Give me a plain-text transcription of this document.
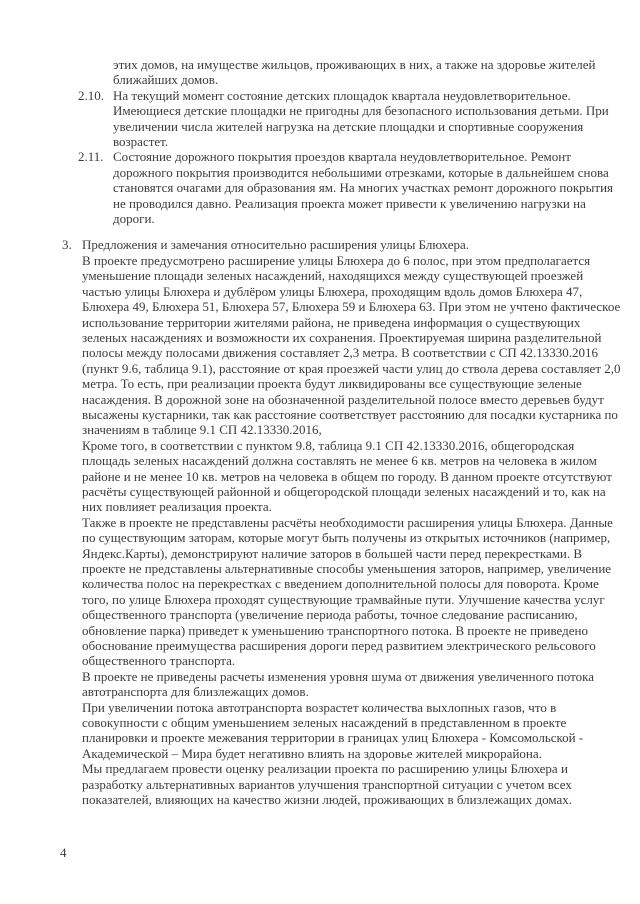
этих домов, на имуществе жильцов, проживающих в них, а также на здоровье жителей ближайших домов.

2.10. На текущий момент состояние детских площадок квартала неудовлетворительное. Имеющиеся детские площадки не пригодны для безопасного использования детьми. При увеличении числа жителей нагрузка на детские площадки и спортивные сооружения возрастет.

2.11. Состояние дорожного покрытия проездов квартала неудовлетворительное. Ремонт дорожного покрытия производится небольшими отрезками, которые в дальнейшем снова становятся очагами для образования ям. На многих участках ремонт дорожного покрытия не проводился давно. Реализация проекта может привести к увеличению нагрузки на дороги.

3. Предложения и замечания относительно расширения улицы Блюхера.

В проекте предусмотрено расширение улицы Блюхера до 6 полос, при этом предполагается уменьшение площади зеленых насаждений, находящихся между существующей проезжей частью улицы Блюхера и дублёром улицы Блюхера, проходящим вдоль домов Блюхера 47, Блюхера 49, Блюхера 51, Блюхера 57, Блюхера 59 и Блюхера 63. При этом не учтено фактическое использование территории жителями района, не приведена информация о существующих зеленых насаждениях и возможности их сохранения. Проектируемая ширина разделительной полосы между полосами движения составляет 2,3 метра. В соответствии с СП 42.13330.2016 (пункт 9.6, таблица 9.1), расстояние от края проезжей части улиц до ствола дерева составляет 2,0 метра. То есть, при реализации проекта будут ликвидированы все существующие зеленые насаждения. В дорожной зоне на обозначенной разделительной полосе вместо деревьев будут высажены кустарники, так как расстояние соответствует расстоянию для посадки кустарника по значениям в таблице 9.1 СП 42.13330.2016,

Кроме того, в соответствии с пунктом 9.8, таблица 9.1 СП 42.13330.2016, общегородская площадь зеленых насаждений должна составлять не менее 6 кв. метров на человека в жилом районе и не менее 10 кв. метров на человека в общем по городу. В данном проекте отсутствуют расчёты существующей районной и общегородской площади зеленых насаждений и то, как на них повлияет реализация проекта.

Также в проекте не представлены расчёты необходимости расширения улицы Блюхера. Данные по существующим заторам, которые могут быть получены из открытых источников (например, Яндекс.Карты), демонстрируют наличие заторов в большей части перед перекрестками. В проекте не представлены альтернативные способы уменьшения заторов, например, увеличение количества полос на перекрестках с введением дополнительной полосы для поворота. Кроме того, по улице Блюхера проходят существующие трамвайные пути. Улучшение качества услуг общественного транспорта (увеличение периода работы, точное следование расписанию, обновление парка) приведет к уменьшению транспортного потока. В проекте не приведено обоснование преимущества расширения дороги перед развитием электрического рельсового общественного транспорта.

В проекте не приведены расчеты изменения уровня шума от движения увеличенного потока автотранспорта для близлежащих домов.

При увеличении потока автотранспорта возрастет количества выхлопных газов, что в совокупности с общим уменьшением зеленых насаждений в представленном в проекте планировки и проекте межевания территории в границах улиц Блюхера - Комсомольской - Академической – Мира будет негативно влиять на здоровье жителей микрорайона.

Мы предлагаем провести оценку реализации проекта по расширению улицы Блюхера и разработку альтернативных вариантов улучшения транспортной ситуации с учетом всех показателей, влияющих на качество жизни людей, проживающих в близлежащих домах.

4
